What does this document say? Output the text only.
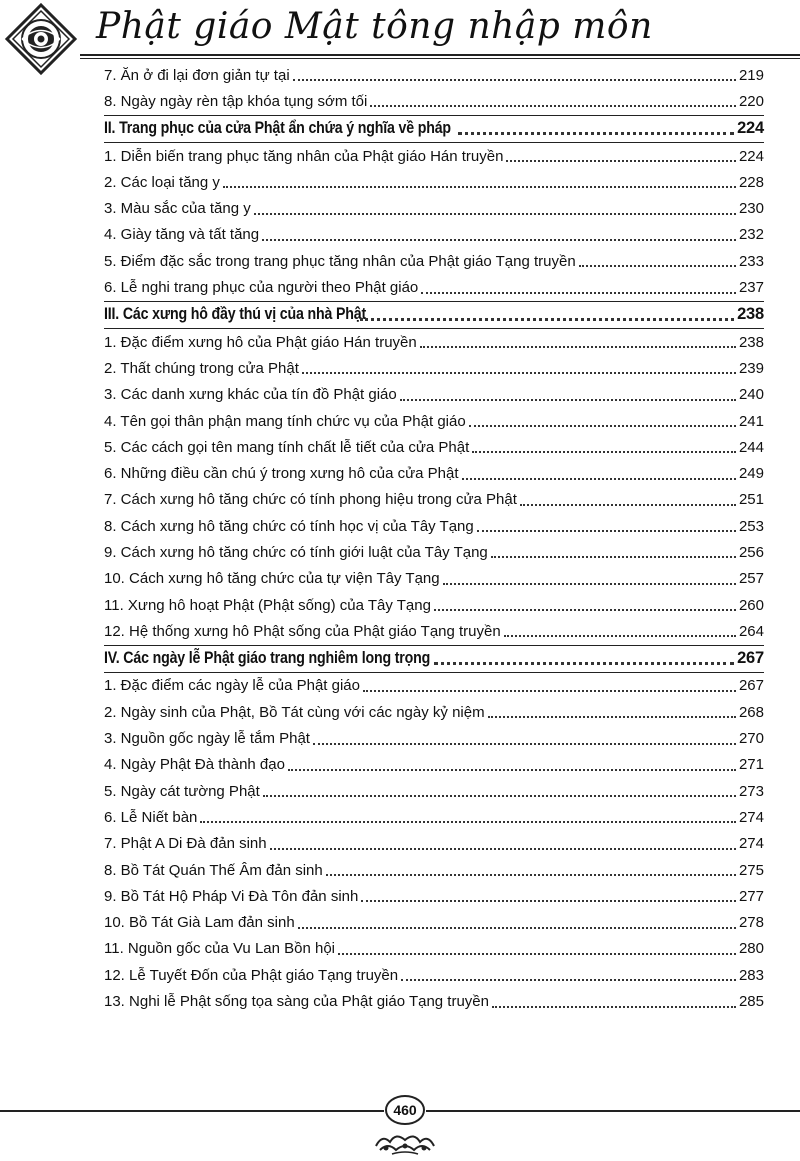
Phật giáo Mật tông nhập môn
7. Ăn ở đi lại đơn giản tự tại	219
8. Ngày ngày rèn tập khóa tụng sớm tối	220
II. Trang phục của cửa Phật ẩn chứa ý nghĩa về pháp	224
1. Diễn biến trang phục tăng nhân của Phật giáo Hán truyền	224
2. Các loại tăng y	228
3. Màu sắc của tăng y	230
4. Giày tăng và tất tăng	232
5. Điểm đặc sắc trong trang phục tăng nhân của Phật giáo Tạng truyền	233
6. Lễ nghi trang phục của người theo Phật giáo	237
III. Các xưng hô đầy thú vị của nhà Phật	238
1. Đặc điểm xưng hô của Phật giáo Hán truyền	238
2. Thất chúng trong cửa Phật	239
3. Các danh xưng khác của tín đồ Phật giáo	240
4. Tên gọi thân phận mang tính chức vụ của Phật giáo	241
5. Các cách gọi tên mang tính chất lễ tiết của cửa Phật	244
6. Những điều cần chú ý trong xưng hô của cửa Phật	249
7. Cách xưng hô tăng chức có tính phong hiệu trong cửa Phật	251
8. Cách xưng hô tăng chức có tính học vị của Tây Tạng	253
9. Cách xưng hô tăng chức có tính giới luật của Tây Tạng	256
10. Cách xưng hô tăng chức của tự viện Tây Tạng	257
11. Xưng hô hoạt Phật (Phật sống) của Tây Tạng	260
12. Hệ thống xưng hô Phật sống của Phật giáo Tạng truyền	264
IV. Các ngày lễ Phật giáo trang nghiêm long trọng	267
1. Đặc điểm các ngày lễ của Phật giáo	267
2. Ngày sinh của Phật, Bồ Tát cùng với các ngày kỷ niệm	268
3. Nguồn gốc ngày lễ tắm Phật	270
4. Ngày Phật Đà thành đạo	271
5. Ngày cát tường Phật	273
6. Lễ Niết bàn	274
7. Phật A Di Đà đản sinh	274
8. Bồ Tát Quán Thế Âm đản sinh	275
9. Bồ Tát Hộ Pháp Vi Đà Tôn đản sinh	277
10. Bồ Tát Già Lam đản sinh	278
11. Nguồn gốc của Vu Lan Bồn hội	280
12. Lễ Tuyết Đốn của Phật giáo Tạng truyền	283
13. Nghi lễ Phật sống tọa sàng của Phật giáo Tạng truyền	285
460
